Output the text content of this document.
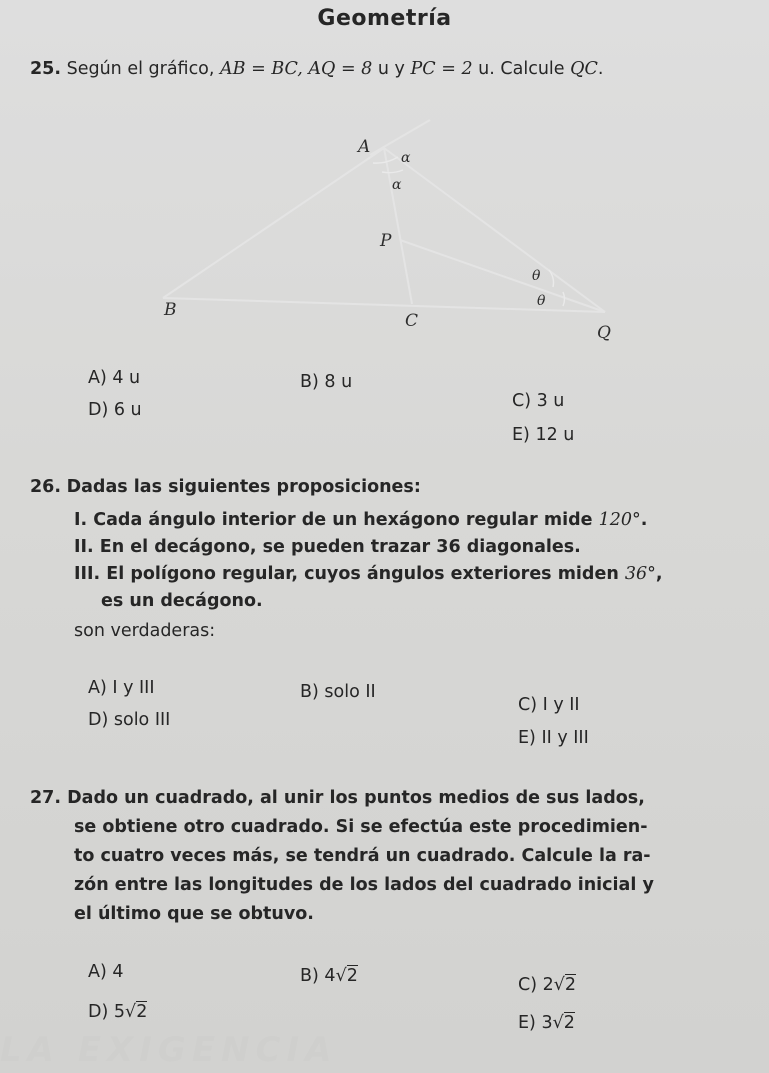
LA EXIGENCIA
Geometría
25. Según el gráfico, AB = BC, AQ = 8 u y PC = 2 u. Calcule QC.
A
B
C
P
Q
α
α
θ
θ
A) 4 u	B) 8 u
C) 3 u
D) 6 u
E) 12 u
26. Dadas las siguientes proposiciones:
I. Cada ángulo interior de un hexágono regular mide 120°.
II. En el decágono, se pueden trazar 36 diagonales.
III. El polígono regular, cuyos ángulos exteriores miden 36°,
es un decágono.
son verdaderas:
A) I y III	B) solo II
C) I y II
D) solo III
E) II y III
27. Dado un cuadrado, al unir los puntos medios de sus lados,
se obtiene otro cuadrado. Si se efectúa este procedimien-
to cuatro veces más, se tendrá un cuadrado. Calcule la ra-
zón entre las longitudes de los lados del cuadrado inicial y
el último que se obtuvo.
A) 4	B) 4√2	C) 2√2
D) 5√2
E) 3√2
